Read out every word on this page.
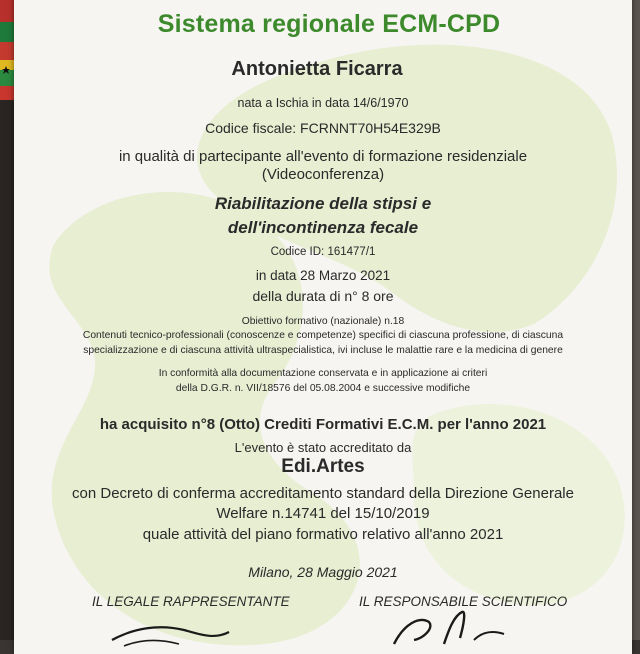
Sistema regionale ECM-CPD
Antonietta Ficarra
nata a Ischia in data 14/6/1970
Codice fiscale: FCRNNT70H54E329B
in qualità di partecipante all'evento di formazione residenziale
(Videoconferenza)
Riabilitazione della stipsi e
dell'incontinenza fecale
Codice ID: 161477/1
in data 28 Marzo 2021
della durata di n° 8 ore
Obiettivo formativo (nazionale) n.18
Contenuti tecnico-professionali (conoscenze e competenze) specifici di ciascuna professione, di ciascuna
specializzazione e di ciascuna attività ultraspecialistica, ivi incluse le malattie rare e la medicina di genere
In conformità alla documentazione conservata e in applicazione ai criteri
della D.G.R. n. VII/18576 del 05.08.2004 e successive modifiche
ha acquisito n°8 (Otto) Crediti Formativi E.C.M. per l'anno 2021
L'evento è stato accreditato da
Edi.Artes
con Decreto di conferma accreditamento standard della Direzione Generale
Welfare n.14741 del 15/10/2019
quale attività del piano formativo relativo all'anno 2021
Milano, 28 Maggio 2021
IL LEGALE RAPPRESENTANTE	IL RESPONSABILE SCIENTIFICO
